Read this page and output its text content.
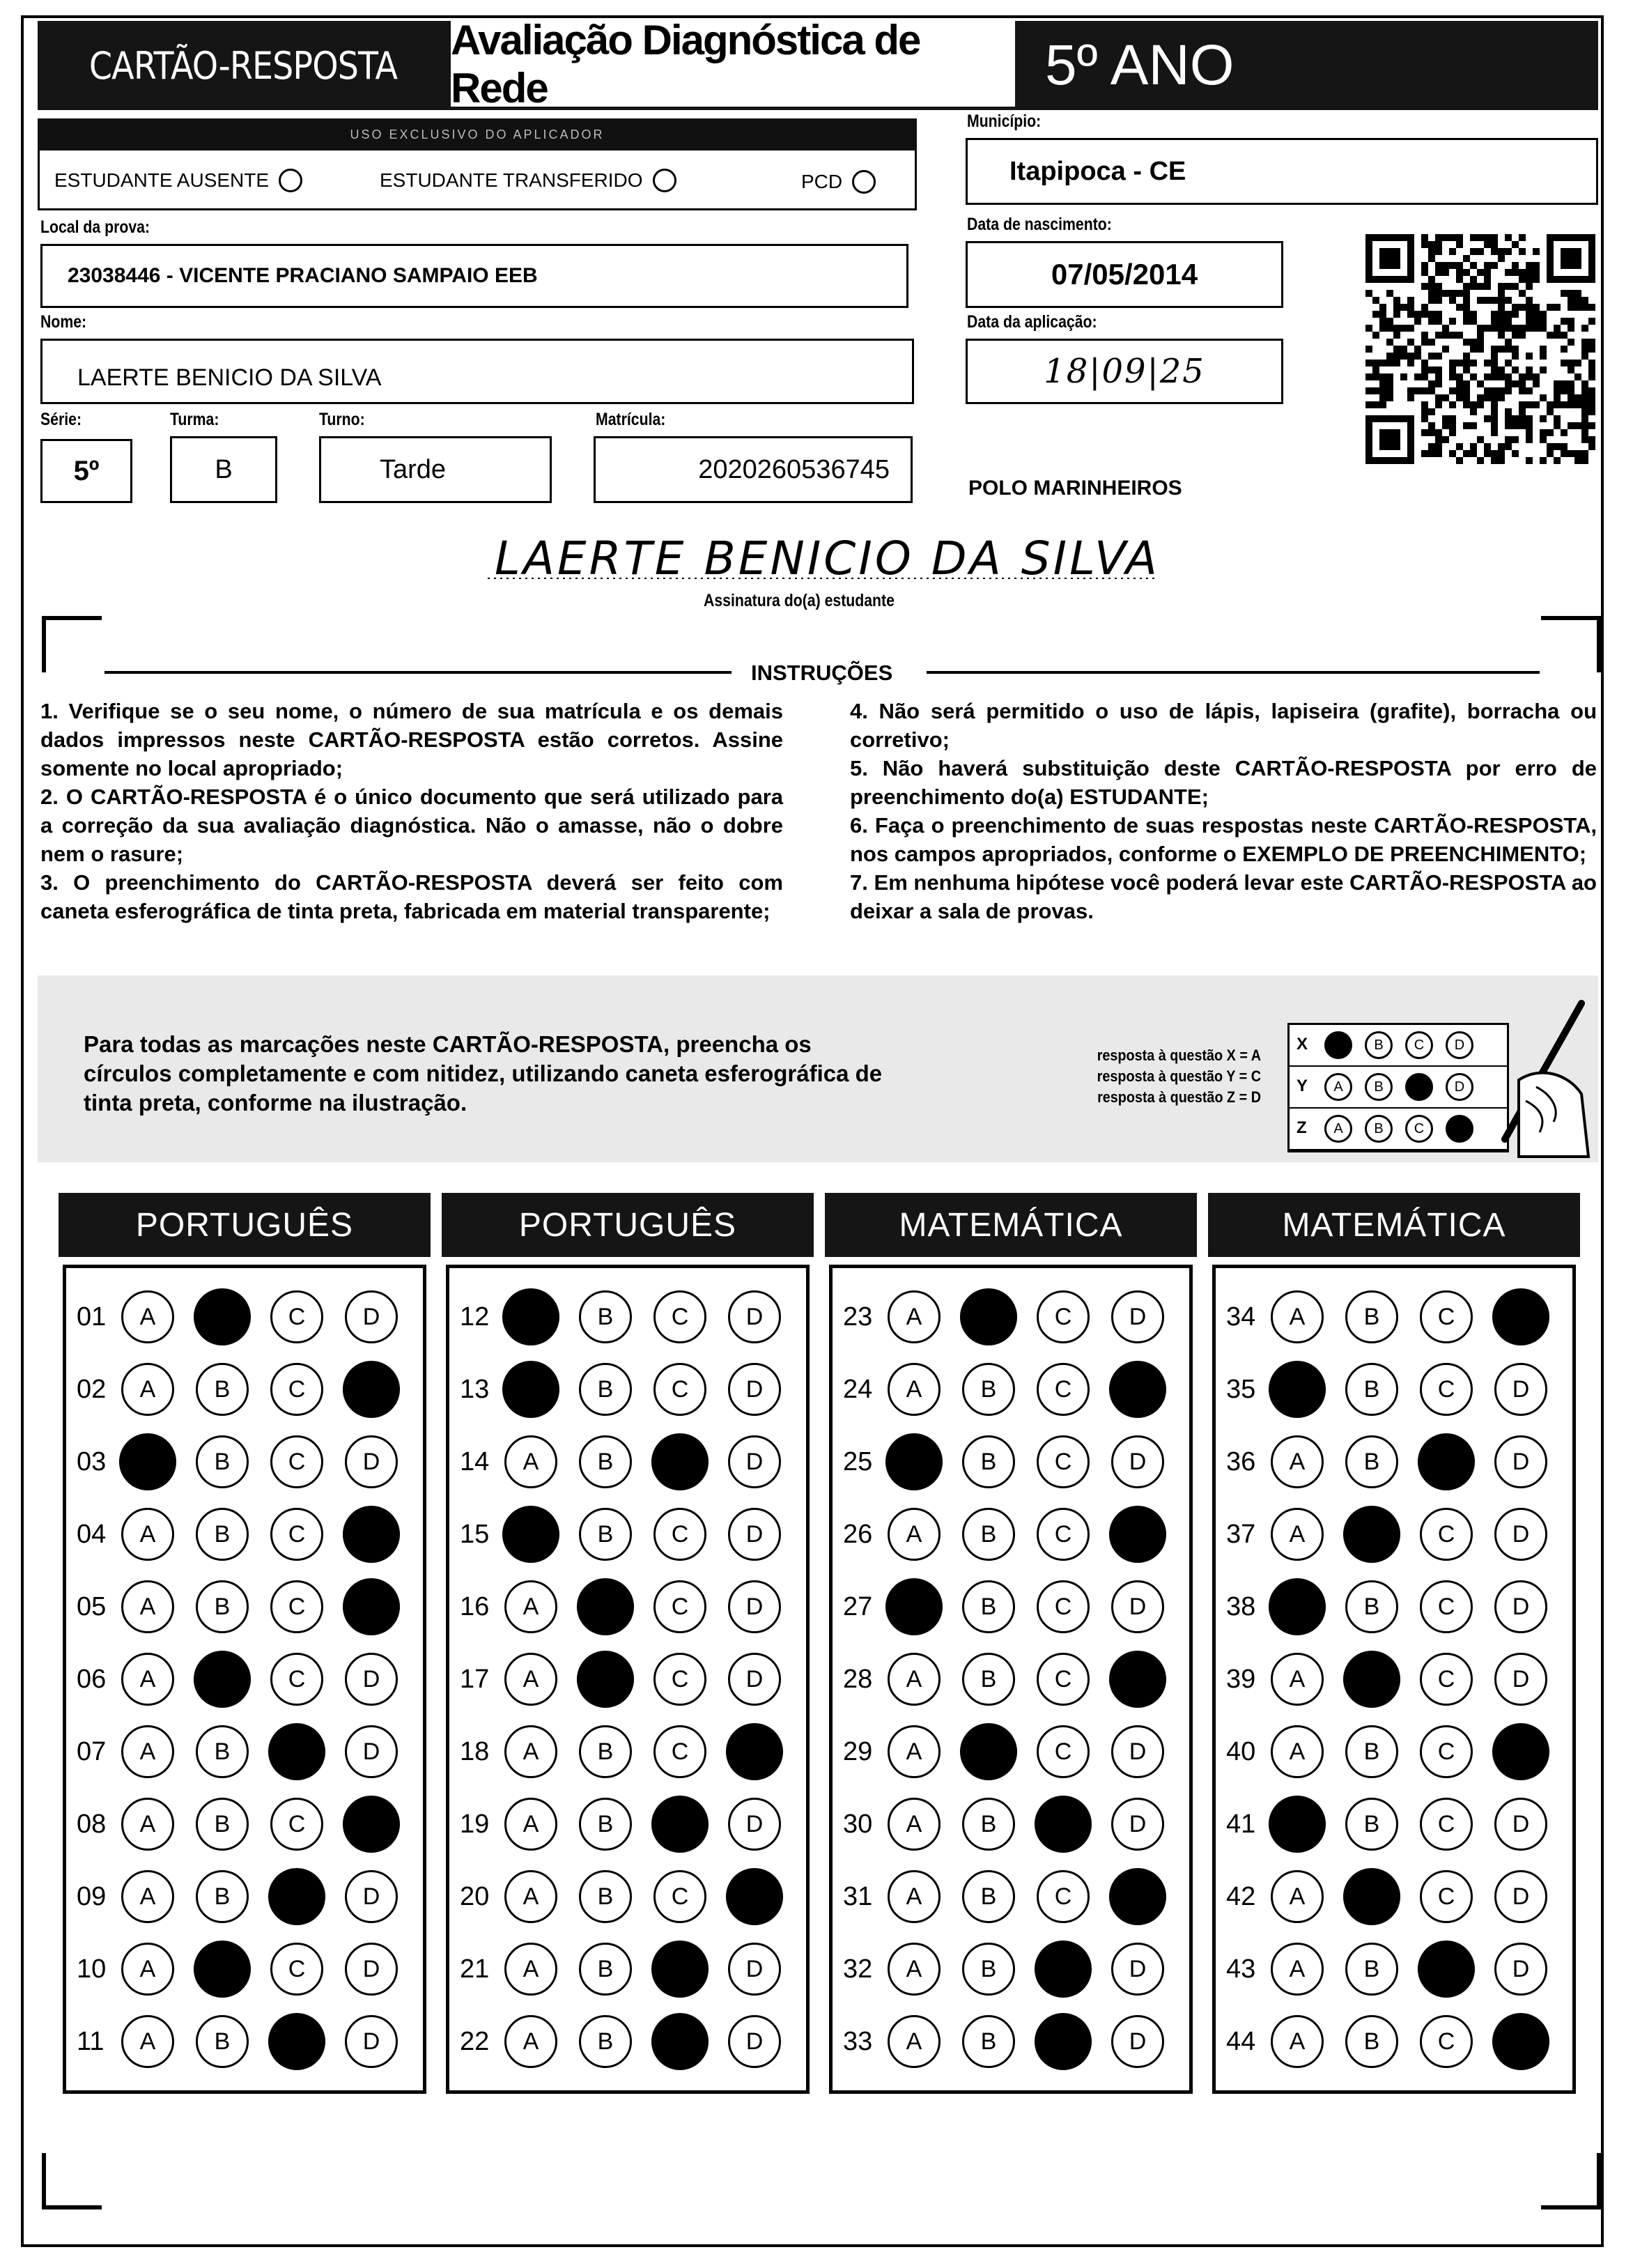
CARTÃO-RESPOSTA
Avaliação Diagnóstica de Rede	5º ANO
USO EXCLUSIVO DO APLICADOR
ESTUDANTE AUSENTE	ESTUDANTE TRANSFERIDO	PCD
Local da prova:
23038446 - VICENTE PRACIANO SAMPAIO EEB
Nome:
LAERTE BENICIO DA SILVA
Série:	Turma:	Turno:	Matrícula:
5º	B	Tarde	2020260536745
Município:
Itapipoca - CE
Data de nascimento:
07/05/2014
Data da aplicação:
18|09|25
POLO MARINHEIROS
LAERTE BENICIO DA SILVA
Assinatura do(a) estudante
INSTRUÇÕES

1. Verifique se o seu nome, o número de sua matrícula e os demais dados impressos neste CARTÃO-RESPOSTA estão corretos. Assine somente no local apropriado;

2. O CARTÃO-RESPOSTA é o único documento que será utilizado para a correção da sua avaliação diagnóstica. Não o amasse, não o dobre nem o rasure;

3. O preenchimento do CARTÃO-RESPOSTA deverá ser feito com caneta esferográfica de tinta preta, fabricada em material transparente;

4. Não será permitido o uso de lápis, lapiseira (grafite), borracha ou corretivo;

5. Não haverá substituição deste CARTÃO-RESPOSTA por erro de preenchimento do(a) ESTUDANTE;

6. Faça o preenchimento de suas respostas neste CARTÃO-RESPOSTA, nos campos apropriados, conforme o EXEMPLO DE PREENCHIMENTO;

7. Em nenhuma hipótese você poderá levar este CARTÃO-RESPOSTA ao deixar a sala de provas.

Para todas as marcações neste CARTÃO-RESPOSTA, preencha os círculos completamente e com nitidez, utilizando caneta esferográfica de tinta preta, conforme na ilustração.
resposta à questão X = A
resposta à questão Y = C
resposta à questão Z = D
X	B	C	D
Y	A	B	D
Z	A	B	C
PORTUGUÊS
01	A	C	D
02	A	B	C
03	B	C	D
04	A	B	C
05	A	B	C
06	A	C	D
07	A	B	D
08	A	B	C
09	A	B	D
10	A	C	D
11	A	B	D
PORTUGUÊS
12	B	C	D
13	B	C	D
14	A	B	D
15	B	C	D
16	A	C	D
17	A	C	D
18	A	B	C
19	A	B	D
20	A	B	C
21	A	B	D
22	A	B	D
MATEMÁTICA
23	A	C	D
24	A	B	C
25	B	C	D
26	A	B	C
27	B	C	D
28	A	B	C
29	A	C	D
30	A	B	D
31	A	B	C
32	A	B	D
33	A	B	D
MATEMÁTICA
34	A	B	C
35	B	C	D
36	A	B	D
37	A	C	D
38	B	C	D
39	A	C	D
40	A	B	C
41	B	C	D
42	A	C	D
43	A	B	D
44	A	B	C
